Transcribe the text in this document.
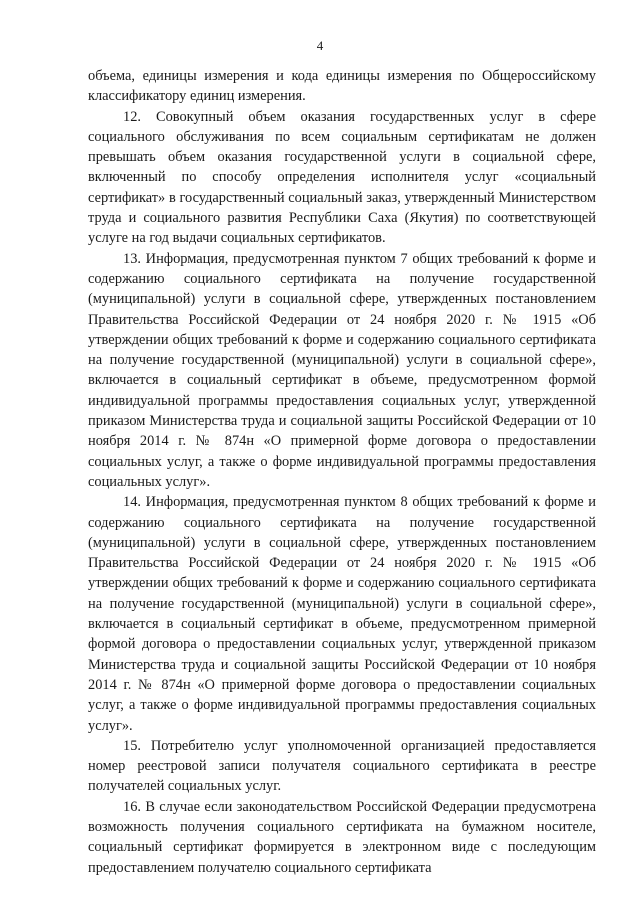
4

объема, единицы измерения и кода единицы измерения по Общероссийскому классификатору единиц измерения.

12. Совокупный объем оказания государственных услуг в сфере социального обслуживания по всем социальным сертификатам не должен превышать объем оказания государственной услуги в социальной сфере, включенный по способу определения исполнителя услуг «социальный сертификат» в государственный социальный заказ, утвержденный Министерством труда и социального развития Республики Саха (Якутия) по соответствующей услуге на год выдачи социальных сертификатов.

13. Информация, предусмотренная пунктом 7 общих требований к форме и содержанию социального сертификата на получение государственной (муниципальной) услуги в социальной сфере, утвержденных постановлением Правительства Российской Федерации от 24 ноября 2020 г. № 1915 «Об утверждении общих требований к форме и содержанию социального сертификата на получение государственной (муниципальной) услуги в социальной сфере», включается в социальный сертификат в объеме, предусмотренном формой индивидуальной программы предоставления социальных услуг, утвержденной приказом Министерства труда и социальной защиты Российской Федерации от 10 ноября 2014 г. № 874н «О примерной форме договора о предоставлении социальных услуг, а также о форме индивидуальной программы предоставления социальных услуг».

14. Информация, предусмотренная пунктом 8 общих требований к форме и содержанию социального сертификата на получение государственной (муниципальной) услуги в социальной сфере, утвержденных постановлением Правительства Российской Федерации от 24 ноября 2020 г. № 1915 «Об утверждении общих требований к форме и содержанию социального сертификата на получение государственной (муниципальной) услуги в социальной сфере», включается в социальный сертификат в объеме, предусмотренном примерной формой договора о предоставлении социальных услуг, утвержденной приказом Министерства труда и социальной защиты Российской Федерации от 10 ноября 2014 г. № 874н «О примерной форме договора о предоставлении социальных услуг, а также о форме индивидуальной программы предоставления социальных услуг».

15. Потребителю услуг уполномоченной организацией предоставляется номер реестровой записи получателя социального сертификата в реестре получателей социальных услуг.

16. В случае если законодательством Российской Федерации предусмотрена возможность получения социального сертификата на бумажном носителе, социальный сертификат формируется в электронном виде с последующим предоставлением получателю социального сертификата
